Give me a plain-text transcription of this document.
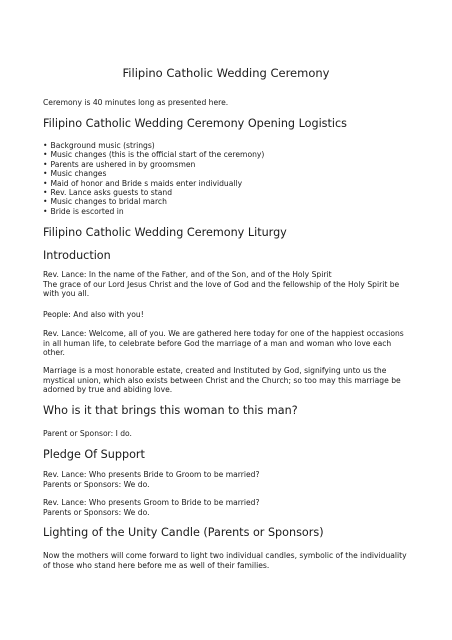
Filipino Catholic Wedding Ceremony

Ceremony is 40 minutes long as presented here.

Filipino Catholic Wedding Ceremony Opening Logistics
• Background music (strings)
• Music changes (this is the official start of the ceremony)
• Parents are ushered in by groomsmen
• Music changes
• Maid of honor and Bride s maids enter individually
• Rev. Lance asks guests to stand
• Music changes to bridal march
• Bride is escorted in
Filipino Catholic Wedding Ceremony Liturgy
Introduction
Rev. Lance: In the name of the Father, and of the Son, and of the Holy Spirit
The grace of our Lord Jesus Christ and the love of God and the fellowship of the Holy Spirit be
with you all.

People: And also with you!

Rev. Lance: Welcome, all of you. We are gathered here today for one of the happiest occasions
in all human life, to celebrate before God the marriage of a man and woman who love each
other.
Marriage is a most honorable estate, created and Instituted by God, signifying unto us the
mystical union, which also exists between Christ and the Church; so too may this marriage be
adorned by true and abiding love.
Who is it that brings this woman to this man?

Parent or Sponsor: I do.

Pledge Of Support
Rev. Lance: Who presents Bride to Groom to be married?
Parents or Sponsors: We do.
Rev. Lance: Who presents Groom to Bride to be married?
Parents or Sponsors: We do.
Lighting of the Unity Candle (Parents or Sponsors)
Now the mothers will come forward to light two individual candles, symbolic of the individuality
of those who stand here before me as well of their families.
